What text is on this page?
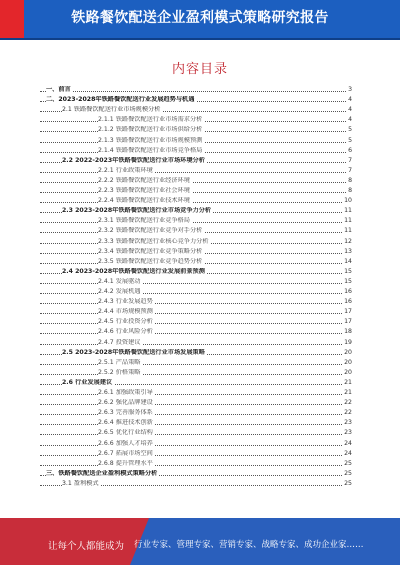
铁路餐饮配送企业盈利模式策略研究报告
内容目录
一、前言	3
二、2023-2028年铁路餐饮配送行业发展趋势与机遇	4
2.1 铁路餐饮配送行业市场规模分析	4
2.1.1 铁路餐饮配送行业市场需求分析	4
2.1.2 铁路餐饮配送行业市场供给分析	5
2.1.3 铁路餐饮配送行业市场规模预测	5
2.1.4 铁路餐饮配送行业市场竞争格局	6
2.2 2022-2023年铁路餐饮配送行业市场环境分析	7
2.2.1 行业政策环境	7
2.2.2 铁路餐饮配送行业经济环境	8
2.2.3 铁路餐饮配送行业社会环境	8
2.2.4 铁路餐饮配送行业技术环境	10
2.3 2023-2028年铁路餐饮配送行业市场竞争力分析	11
2.3.1 铁路餐饮配送行业竞争格局	11
2.3.2 铁路餐饮配送行业竞争对手分析	11
2.3.3 铁路餐饮配送行业核心竞争力分析	12
2.3.4 铁路餐饮配送行业竞争策略分析	13
2.3.5 铁路餐饮配送行业竞争趋势分析	14
2.4 2023-2028年铁路餐饮配送行业发展前景预测	15
2.4.1 发展驱动	15
2.4.2 发展机遇	16
2.4.3 行业发展趋势	16
2.4.4 市场规模预测	17
2.4.5 行业投资分析	17
2.4.6 行业风险分析	18
2.4.7 投资建议	19
2.5 2023-2028年铁路餐饮配送行业市场发展策略	20
2.5.1 产品策略	20
2.5.2 价格策略	20
2.6 行业发展建议	21
2.6.1 加强政策引导	21
2.6.2 强化品牌建设	22
2.6.3 完善服务体系	22
2.6.4 推进技术创新	23
2.6.5 优化行业结构	23
2.6.6 加强人才培养	24
2.6.7 拓展市场空间	24
2.6.8 提升管理水平	25
三、铁路餐饮配送企业盈利模式策略分析	25
3.1 盈利模式	25
让每个人都能成为 行业专家、管理专家、营销专家、战略专家、成功企业家……
